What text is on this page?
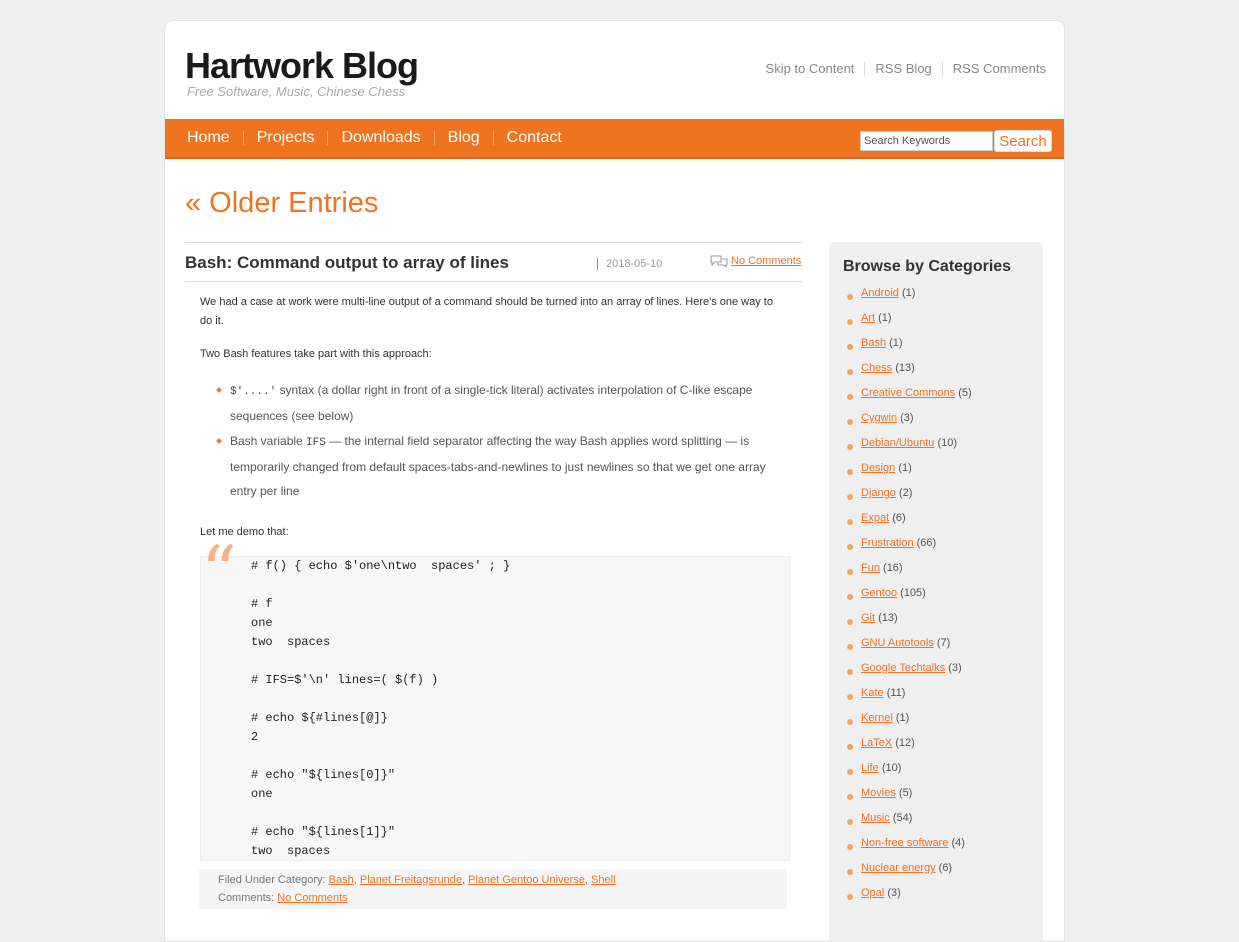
Hartwork Blog
Free Software, Music, Chinese Chess
Skip to Content	RSS Blog	RSS Comments
Home	Projects	Downloads	Blog	Contact
Search Keywords	Search
« Older Entries
Bash: Command output to array of lines	2018-05-10	No Comments

We had a case at work were multi-line output of a command should be turned into an array of lines. Here's one way to do it.

Two Bash features take part with this approach:

$'....' syntax (a dollar right in front of a single-tick literal) activates interpolation of C-like escape sequences (see below)
Bash variable IFS — the internal field separator affecting the way Bash applies word splitting — is temporarily changed from default spaces-tabs-and-newlines to just newlines so that we get one array entry per line

Let me demo that:

“ # f() { echo $'one\ntwo  spaces' ; }

# f
one
two  spaces

# IFS=$'\n' lines=( $(f) )

# echo ${#lines[@]}
2

# echo "${lines[0]}"
one

# echo "${lines[1]}"
two  spaces
Filed Under Category: Bash, Planet Freitagsrunde, Planet Gentoo Universe, Shell
Comments: No Comments
Browse by Categories
Android (1)
Art (1)
Bash (1)
Chess (13)
Creative Commons (5)
Cygwin (3)
Debian/Ubuntu (10)
Design (1)
Django (2)
Expat (6)
Frustration (66)
Fun (16)
Gentoo (105)
Git (13)
GNU Autotools (7)
Google Techtalks (3)
Kate (11)
Kernel (1)
LaTeX (12)
Life (10)
Movies (5)
Music (54)
Non-free software (4)
Nuclear energy (6)
Opal (3)
